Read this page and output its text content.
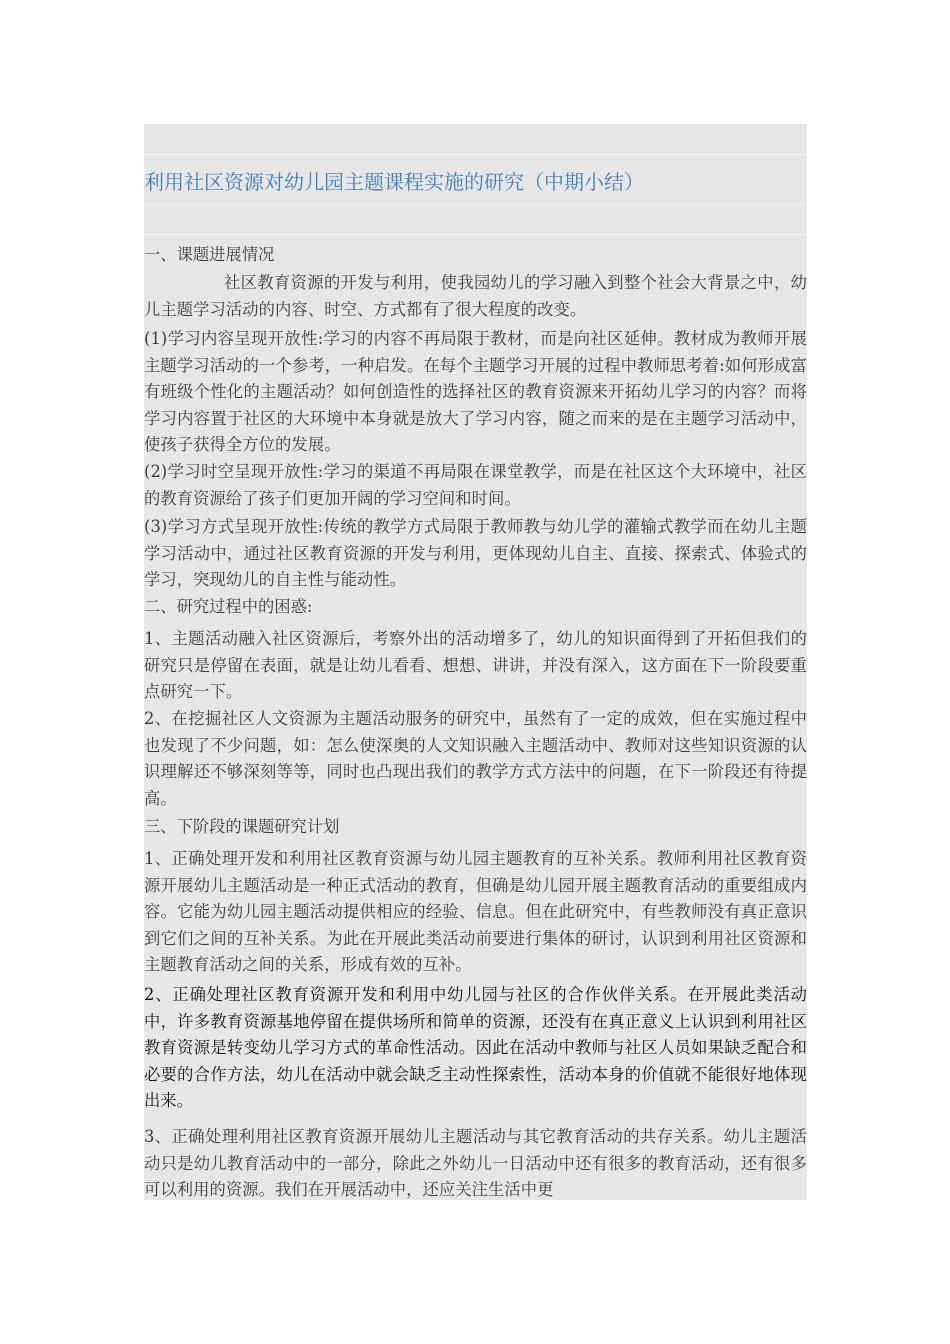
利用社区资源对幼儿园主题课程实施的研究（中期小结）
一、课题进展情况
社区教育资源的开发与利用，使我园幼儿的学习融入到整个社会大背景之中，幼儿主题学习活动的内容、时空、方式都有了很大程度的改变。
(1)学习内容呈现开放性:学习的内容不再局限于教材，而是向社区延伸。教材成为教师开展主题学习活动的一个参考，一种启发。在每个主题学习开展的过程中教师思考着:如何形成富有班级个性化的主题活动？如何创造性的选择社区的教育资源来开拓幼儿学习的内容？而将学习内容置于社区的大环境中本身就是放大了学习内容，随之而来的是在主题学习活动中，使孩子获得全方位的发展。
(2)学习时空呈现开放性:学习的渠道不再局限在课堂教学，而是在社区这个大环境中，社区的教育资源给了孩子们更加开阔的学习空间和时间。
(3)学习方式呈现开放性:传统的教学方式局限于教师教与幼儿学的灌输式教学而在幼儿主题学习活动中，通过社区教育资源的开发与利用，更体现幼儿自主、直接、探索式、体验式的学习，突现幼儿的自主性与能动性。
二、研究过程中的困惑:
1、主题活动融入社区资源后，考察外出的活动增多了，幼儿的知识面得到了开拓但我们的研究只是停留在表面，就是让幼儿看看、想想、讲讲，并没有深入，这方面在下一阶段要重点研究一下。
2、在挖掘社区人文资源为主题活动服务的研究中，虽然有了一定的成效，但在实施过程中也发现了不少问题，如：怎么使深奥的人文知识融入主题活动中、教师对这些知识资源的认识理解还不够深刻等等，同时也凸现出我们的教学方式方法中的问题，在下一阶段还有待提高。
三、下阶段的课题研究计划
1、正确处理开发和利用社区教育资源与幼儿园主题教育的互补关系。教师利用社区教育资源开展幼儿主题活动是一种正式活动的教育，但确是幼儿园开展主题教育活动的重要组成内容。它能为幼儿园主题活动提供相应的经验、信息。但在此研究中，有些教师没有真正意识到它们之间的互补关系。为此在开展此类活动前要进行集体的研讨，认识到利用社区资源和主题教育活动之间的关系，形成有效的互补。
2、正确处理社区教育资源开发和利用中幼儿园与社区的合作伙伴关系。在开展此类活动中，许多教育资源基地停留在提供场所和简单的资源，还没有在真正意义上认识到利用社区教育资源是转变幼儿学习方式的革命性活动。因此在活动中教师与社区人员如果缺乏配合和必要的合作方法，幼儿在活动中就会缺乏主动性探索性，活动本身的价值就不能很好地体现出来。
3、正确处理利用社区教育资源开展幼儿主题活动与其它教育活动的共存关系。幼儿主题活动只是幼儿教育活动中的一部分，除此之外幼儿一日活动中还有很多的教育活动，还有很多可以利用的资源。我们在开展活动中，还应关注生活中更
